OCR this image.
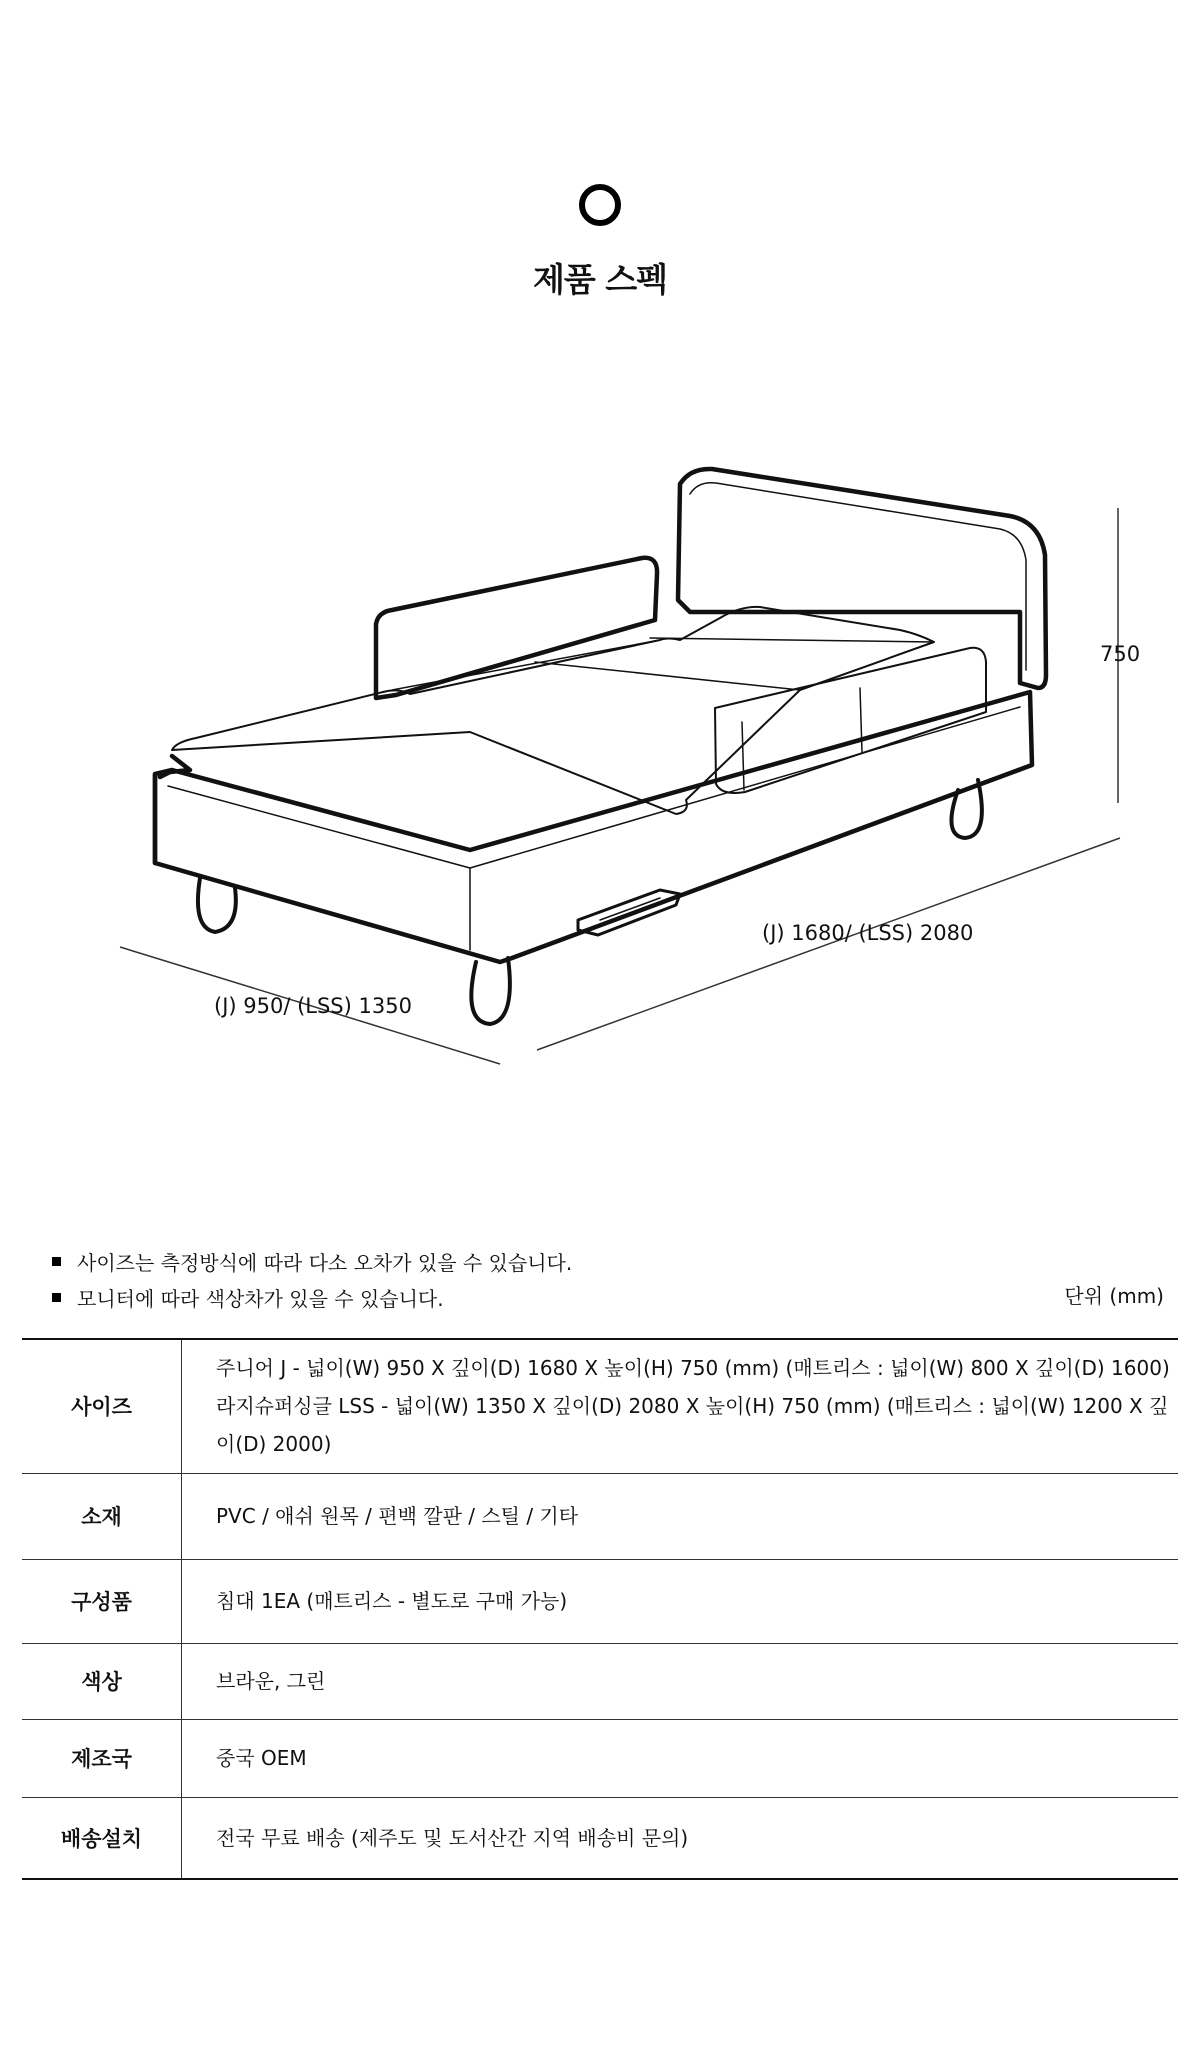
제품 스펙
750
(J) 1680/ (LSS) 2080
(J) 950/ (LSS) 1350
사이즈는 측정방식에 따라 다소 오차가 있을 수 있습니다.
모니터에 따라 색상차가 있을 수 있습니다.	단위 (mm)
사이즈	주니어 J - 넓이(W) 950 X 깊이(D) 1680 X 높이(H) 750 (mm) (매트리스 : 넓이(W) 800 X 깊이(D) 1600)
라지슈퍼싱글 LSS - 넓이(W) 1350 X 깊이(D) 2080 X 높이(H) 750 (mm) (매트리스 : 넓이(W) 1200 X 깊이(D) 2000)

소재	PVC / 애쉬 원목 / 편백 깔판 / 스틸 / 기타
구성품	침대 1EA (매트리스 - 별도로 구매 가능)
색상	브라운, 그린
제조국	중국 OEM
배송설치	전국 무료 배송 (제주도 및 도서산간 지역 배송비 문의)
